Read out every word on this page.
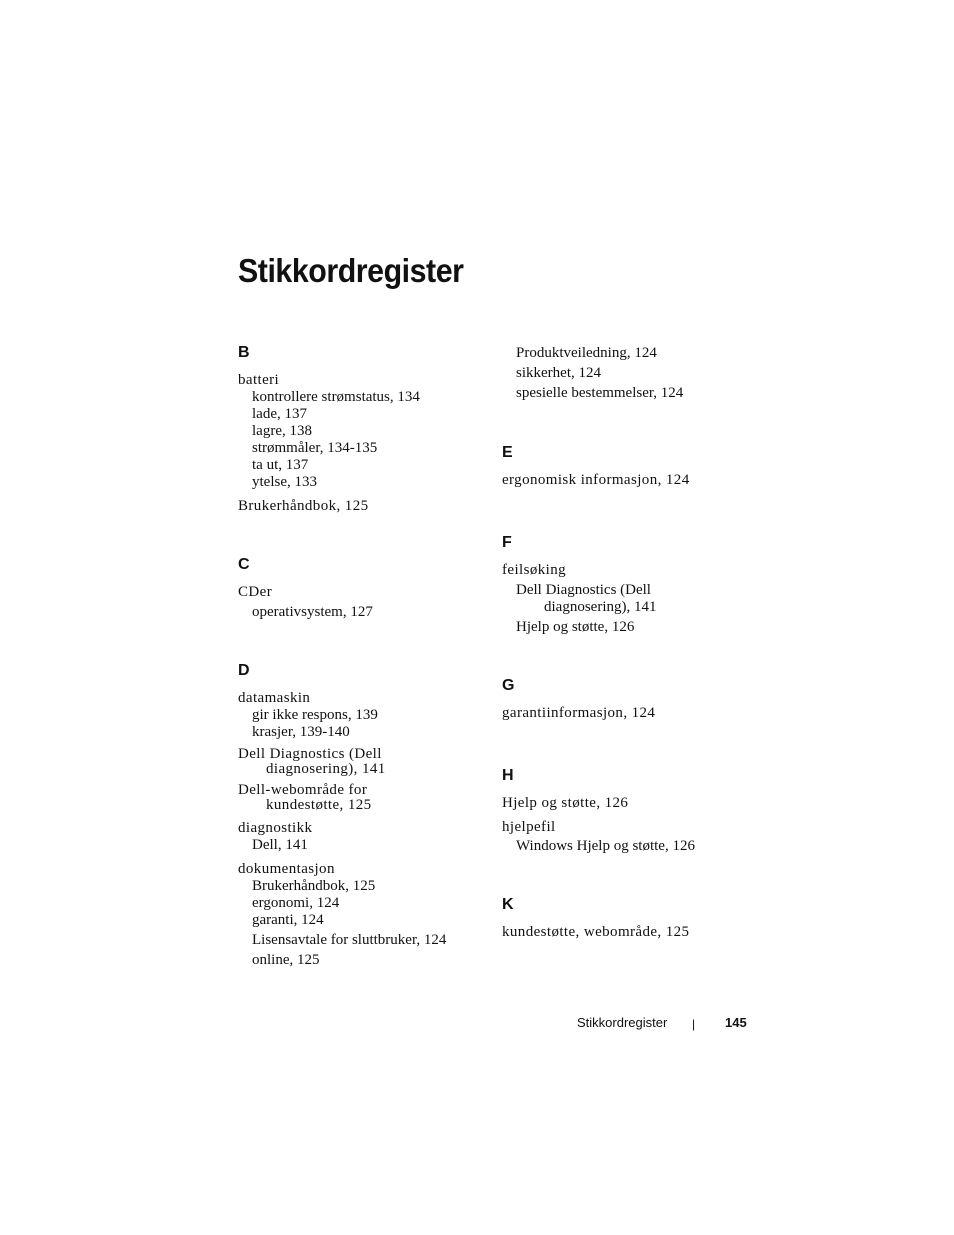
Stikkordregister
B
batteri
kontrollere strømstatus, 134
lade, 137
lagre, 138
strømmåler, 134-135
ta ut, 137
ytelse, 133
Brukerhåndbok, 125
C
CDer
operativsystem, 127
D
datamaskin
gir ikke respons, 139
krasjer, 139-140
Dell Diagnostics (Dell
diagnosering), 141
Dell-webområde for
kundestøtte, 125
diagnostikk
Dell, 141
dokumentasjon
Brukerhåndbok, 125
ergonomi, 124
garanti, 124
Lisensavtale for sluttbruker, 124
online, 125
Produktveiledning, 124
sikkerhet, 124
spesielle bestemmelser, 124
E
ergonomisk informasjon, 124
F
feilsøking
Dell Diagnostics (Dell
diagnosering), 141
Hjelp og støtte, 126
G
garantiinformasjon, 124
H
Hjelp og støtte, 126
hjelpefil
Windows Hjelp og støtte, 126
K
kundestøtte, webområde, 125
Stikkordregister | 145
